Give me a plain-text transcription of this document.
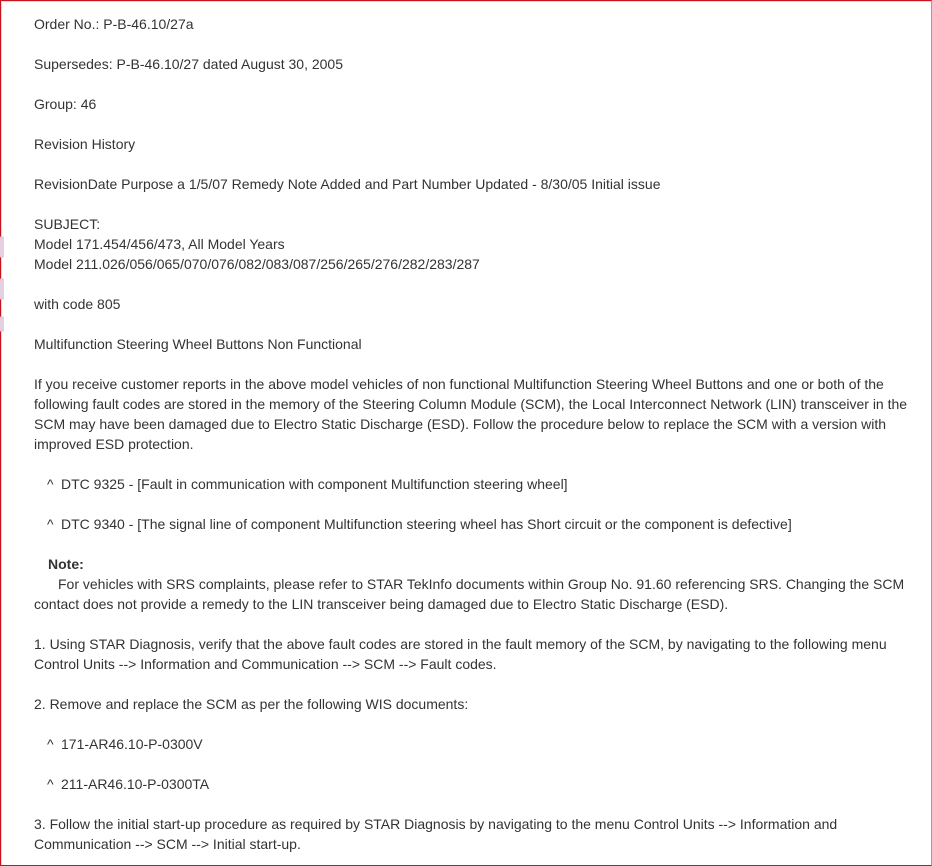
Order No.: P-B-46.10/27a

Supersedes: P-B-46.10/27 dated August 30, 2005

Group: 46

Revision History

RevisionDate Purpose a 1/5/07 Remedy Note Added and Part Number Updated - 8/30/05 Initial issue

SUBJECT:

Model 171.454/456/473, All Model Years

Model 211.026/056/065/070/076/082/083/087/256/265/276/282/283/287

with code 805

Multifunction Steering Wheel Buttons Non Functional

If you receive customer reports in the above model vehicles of non functional Multifunction Steering Wheel Buttons and one or both of the following fault codes are stored in the memory of the Steering Column Module (SCM), the Local Interconnect Network (LIN) transceiver in the SCM may have been damaged due to Electro Static Discharge (ESD). Follow the procedure below to replace the SCM with a version with improved ESD protection.

^ DTC 9325 - [Fault in communication with component Multifunction steering wheel]

^ DTC 9340 - [The signal line of component Multifunction steering wheel has Short circuit or the component is defective]

Note:

For vehicles with SRS complaints, please refer to STAR TekInfo documents within Group No. 91.60 referencing SRS. Changing the SCM contact does not provide a remedy to the LIN transceiver being damaged due to Electro Static Discharge (ESD).

1. Using STAR Diagnosis, verify that the above fault codes are stored in the fault memory of the SCM, by navigating to the following menu Control Units --> Information and Communication --> SCM --> Fault codes.

2. Remove and replace the SCM as per the following WIS documents:

^ 171-AR46.10-P-0300V

^ 211-AR46.10-P-0300TA

3. Follow the initial start-up procedure as required by STAR Diagnosis by navigating to the menu Control Units --> Information and Communication --> SCM --> Initial start-up.
